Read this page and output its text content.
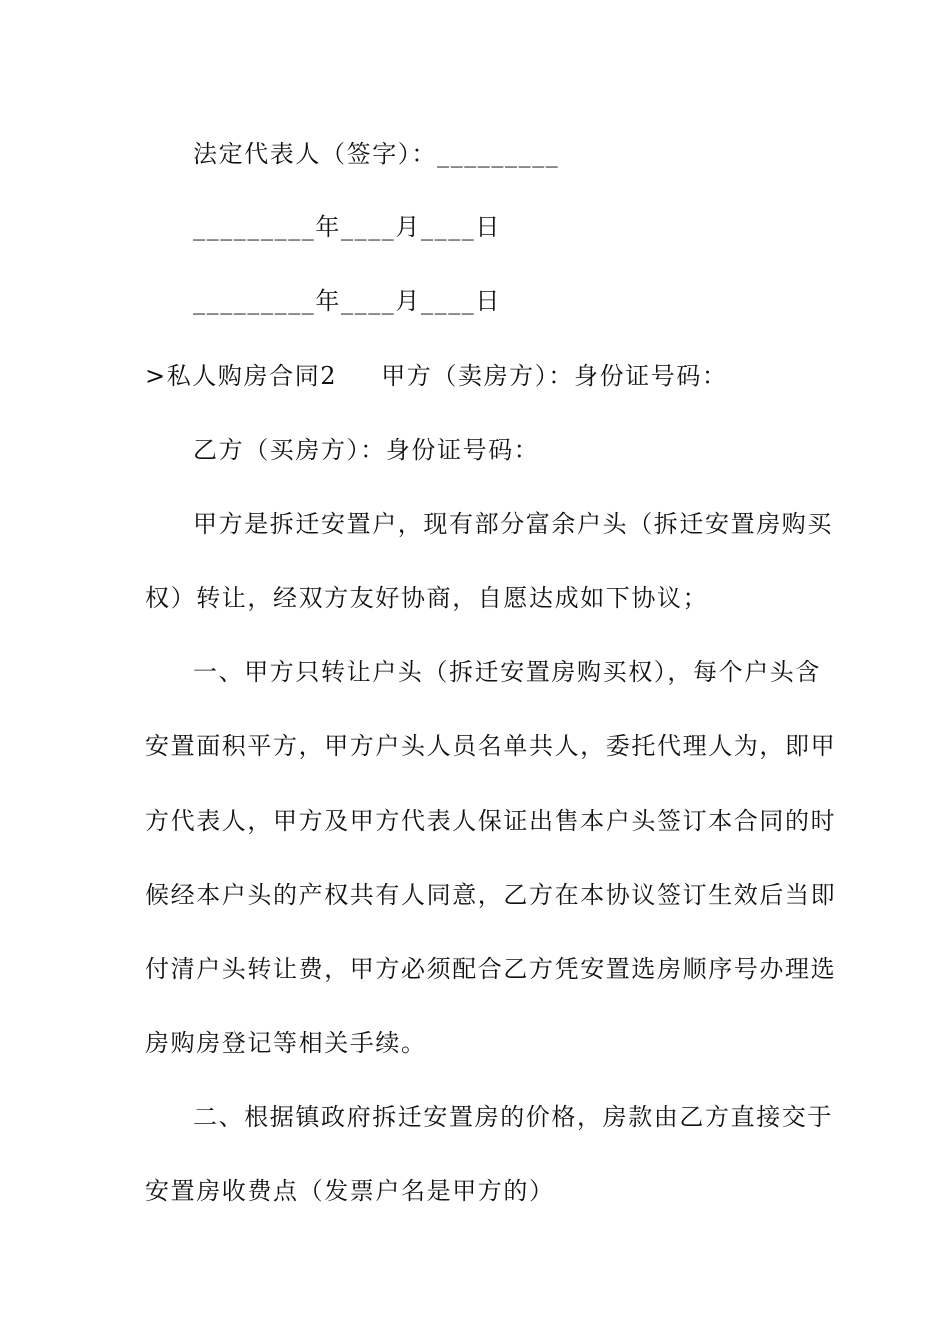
法定代表人（签字）：_________
_________年____月____日
_________年____月____日
>私人购房合同2 甲方（卖房方）：身份证号码：
乙方（买房方）：身份证号码：
甲方是拆迁安置户，现有部分富余户头（拆迁安置房购买
权）转让，经双方友好协商，自愿达成如下协议；
一、甲方只转让户头（拆迁安置房购买权），每个户头含
安置面积平方，甲方户头人员名单共人，委托代理人为，即甲
方代表人，甲方及甲方代表人保证出售本户头签订本合同的时
候经本户头的产权共有人同意，乙方在本协议签订生效后当即
付清户头转让费，甲方必须配合乙方凭安置选房顺序号办理选
房购房登记等相关手续。
二、根据镇政府拆迁安置房的价格，房款由乙方直接交于
安置房收费点（发票户名是甲方的）
